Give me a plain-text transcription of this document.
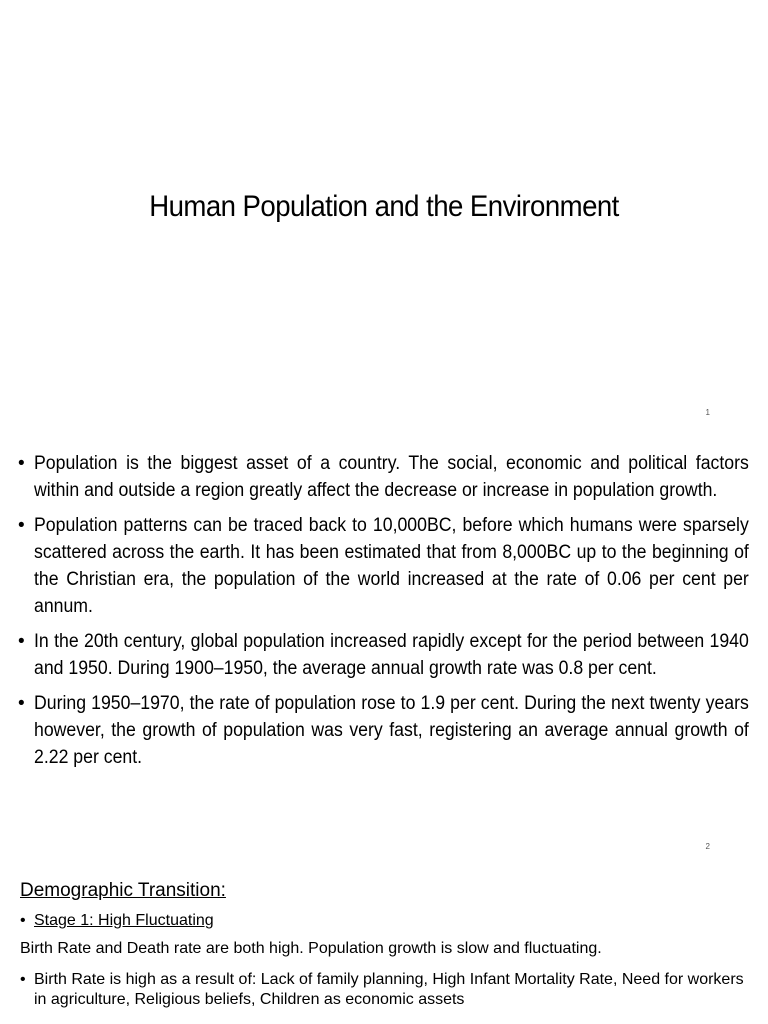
Human Population and the Environment
1
• Population is the biggest asset of a country. The social, economic and political factors within and outside a region greatly affect the decrease or increase in population growth.
• Population patterns can be traced back to 10,000BC, before which humans were sparsely scattered across the earth. It has been estimated that from 8,000BC up to the beginning of the Christian era, the population of the world increased at the rate of 0.06 per cent per annum.
• In the 20th century, global population increased rapidly except for the period between 1940 and 1950. During 1900–1950, the average annual growth rate was 0.8 per cent.
• During 1950–1970, the rate of population rose to 1.9 per cent. During the next twenty years however, the growth of population was very fast, registering an average annual growth of 2.22 per cent.
2
Demographic Transition:
• Stage 1: High Fluctuating
Birth Rate and Death rate are both high. Population growth is slow and fluctuating.
• Birth Rate is high as a result of: Lack of family planning, High Infant Mortality Rate, Need for workers in agriculture, Religious beliefs, Children as economic assets
